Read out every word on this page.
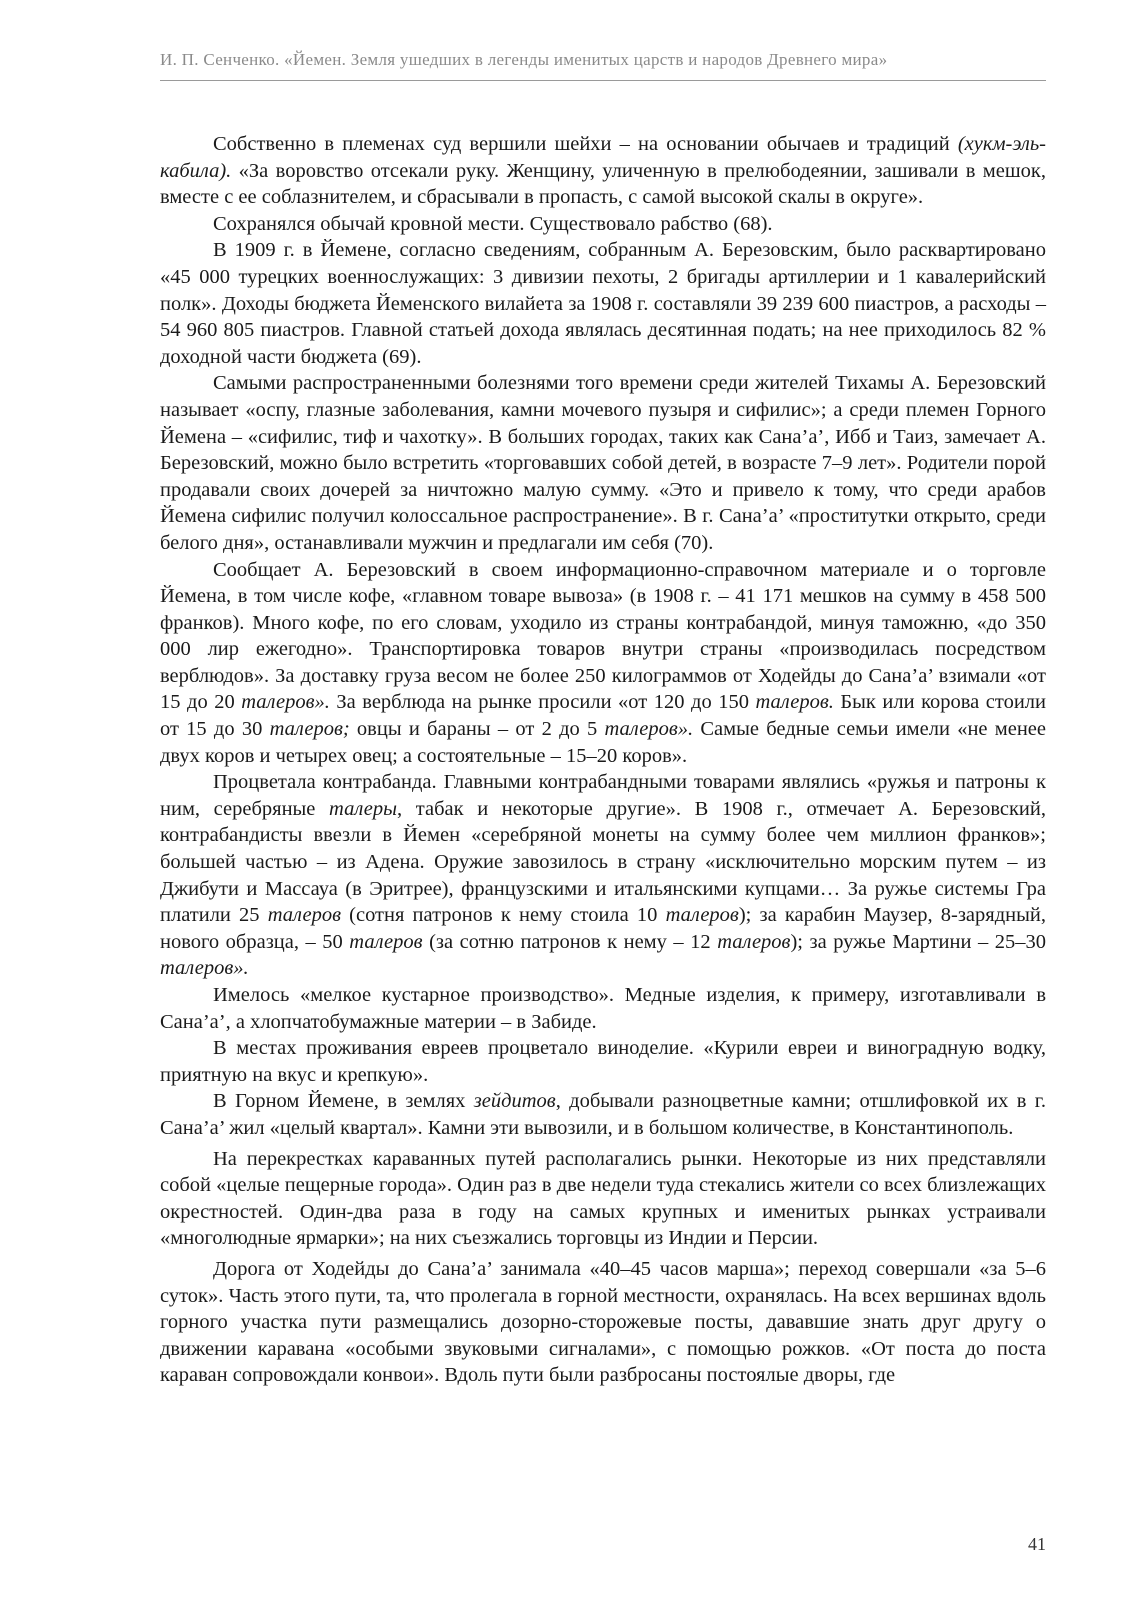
И. П. Сенченко. «Йемен. Земля ушедших в легенды именитых царств и народов Древнего мира»

Собственно в племенах суд вершили шейхи – на основании обычаев и традиций (хукм-эль-кабила). «За воровство отсекали руку. Женщину, уличенную в прелюбодеянии, зашивали в мешок, вместе с ее соблазнителем, и сбрасывали в пропасть, с самой высокой скалы в округе».

Сохранялся обычай кровной мести. Существовало рабство (68).

В 1909 г. в Йемене, согласно сведениям, собранным А. Березовским, было расквартировано «45 000 турецких военнослужащих: 3 дивизии пехоты, 2 бригады артиллерии и 1 кавалерийский полк». Доходы бюджета Йеменского вилайета за 1908 г. составляли 39 239 600 пиастров, а расходы – 54 960 805 пиастров. Главной статьей дохода являлась десятинная подать; на нее приходилось 82 % доходной части бюджета (69).

Самыми распространенными болезнями того времени среди жителей Тихамы А. Березовский называет «оспу, глазные заболевания, камни мочевого пузыря и сифилис»; а среди племен Горного Йемена – «сифилис, тиф и чахотку». В больших городах, таких как Сана’а’, Ибб и Таиз, замечает А. Березовский, можно было встретить «торговавших собой детей, в возрасте 7–9 лет». Родители порой продавали своих дочерей за ничтожно малую сумму. «Это и привело к тому, что среди арабов Йемена сифилис получил колоссальное распространение». В г. Сана’а’ «проститутки открыто, среди белого дня», останавливали мужчин и предлагали им себя (70).

Сообщает А. Березовский в своем информационно-справочном материале и о торговле Йемена, в том числе кофе, «главном товаре вывоза» (в 1908 г. – 41 171 мешков на сумму в 458 500 франков). Много кофе, по его словам, уходило из страны контрабандой, минуя таможню, «до 350 000 лир ежегодно». Транспортировка товаров внутри страны «производилась посредством верблюдов». За доставку груза весом не более 250 килограммов от Ходейды до Сана’а’ взимали «от 15 до 20 талеров». За верблюда на рынке просили «от 120 до 150 талеров. Бык или корова стоили от 15 до 30 талеров; овцы и бараны – от 2 до 5 талеров». Самые бедные семьи имели «не менее двух коров и четырех овец; а состоятельные – 15–20 коров».

Процветала контрабанда. Главными контрабандными товарами являлись «ружья и патроны к ним, серебряные талеры, табак и некоторые другие». В 1908 г., отмечает А. Березовский, контрабандисты ввезли в Йемен «серебряной монеты на сумму более чем миллион франков»; большей частью – из Адена. Оружие завозилось в страну «исключительно морским путем – из Джибути и Массауа (в Эритрее), французскими и итальянскими купцами… За ружье системы Гра платили 25 талеров (сотня патронов к нему стоила 10 талеров); за карабин Маузер, 8-зарядный, нового образца, – 50 талеров (за сотню патронов к нему – 12 талеров); за ружье Мартини – 25–30 талеров».

Имелось «мелкое кустарное производство». Медные изделия, к примеру, изготавливали в Сана’а’, а хлопчатобумажные материи – в Забиде.

В местах проживания евреев процветало виноделие. «Курили евреи и виноградную водку, приятную на вкус и крепкую».

В Горном Йемене, в землях зейдитов, добывали разноцветные камни; отшлифовкой их в г. Сана’а’ жил «целый квартал». Камни эти вывозили, и в большом количестве, в Константинополь.

На перекрестках караванных путей располагались рынки. Некоторые из них представляли собой «целые пещерные города». Один раз в две недели туда стекались жители со всех близлежащих окрестностей. Один-два раза в году на самых крупных и именитых рынках устраивали «многолюдные ярмарки»; на них съезжались торговцы из Индии и Персии.

Дорога от Ходейды до Сана’а’ занимала «40–45 часов марша»; переход совершали «за 5–6 суток». Часть этого пути, та, что пролегала в горной местности, охранялась. На всех вершинах вдоль горного участка пути размещались дозорно-сторожевые посты, дававшие знать друг другу о движении каравана «особыми звуковыми сигналами», с помощью рожков. «От поста до поста караван сопровождали конвои». Вдоль пути были разбросаны постоялые дворы, где

41
